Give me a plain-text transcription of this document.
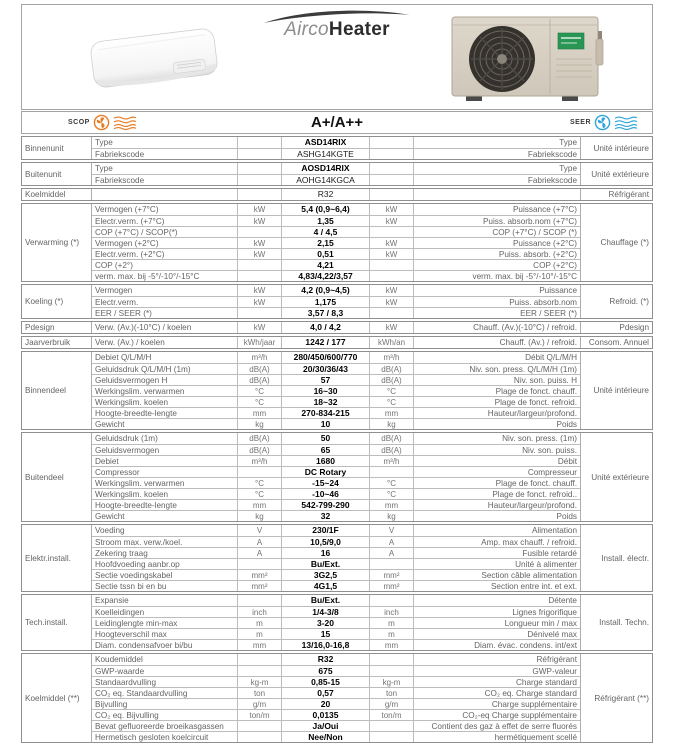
AircoHeater
SCOP	A+/A++	SEER
Binnenunit
Type	ASD14RIX	Type
Fabriekscode	ASHG14KGTE	Fabriekscode
Unité intérieure
Buitenunit
Type	AOSD14RIX	Type
Fabriekscode	AOHG14KGCA	Fabriekscode
Unité extérieure
Koelmiddel	R32	Réfrigérant
Verwarming (*)
Vermogen (+7°C)	kW	5,4 (0,9~6,4)	kW	Puissance (+7°C)
Electr.verm. (+7°C)	kW	1,35	kW	Puiss. absorb.nom (+7°C)
COP (+7°C) / SCOP(*)	4 / 4,5	COP (+7°C) / SCOP (*)
Vermogen (+2°C)	kW	2,15	kW	Puissance (+2°C)
Electr.verm. (+2°C)	kW	0,51	kW	Puiss. absorb. (+2°C)
COP (+2°)	4,21	COP (+2°C)
verm. max. bij -5°/-10°/-15°C	4,83/4,22/3,57	verm. max. bij -5°/-10°/-15°C
Chauffage (*)
Koeling (*)
Vermogen	kW	4,2 (0,9~4,5)	kW	Puissance
Electr.verm.	kW	1,175	kW	Puiss. absorb.nom
EER / SEER (*)	3,57 / 8,3	EER / SEER (*)
Refroid. (*)
Pdesign	Verw. (Av.)(-10°C) / koelen	kW	4,0 / 4,2	kW	Chauff. (Av.)(-10°C) / refroid.	Pdesign
Jaarverbruik	Verw. (Av.) / koelen	kWh/jaar	1242 / 177	kWh/an	Chauff. (Av.) / refroid.	Consom. Annuel
Binnendeel
Debiet Q/L/M/H	m³/h	280/450/600/770	m³/h	Débit Q/L/M/H
Geluidsdruk Q/L/M/H (1m)	dB(A)	20/30/36/43	dB(A)	Niv. son. press. Q/L/M/H (1m)
Geluidsvermogen H	dB(A)	57	dB(A)	Niv. son. puiss. H
Werkingslim. verwarmen	°C	16~30	°C	Plage de fonct. chauff.
Werkingslim. koelen	°C	18~32	°C	Plage de fonct. refroid.
Hoogte-breedte-lengte	mm	270-834-215	mm	Hauteur/largeur/profond.
Gewicht	kg	10	kg	Poids
Unité intérieure
Buitendeel
Geluidsdruk (1m)	dB(A)	50	dB(A)	Niv. son. press. (1m)
Geluidsvermogen	dB(A)	65	dB(A)	Niv. son. puiss.
Debiet	m³/h	1680	m³/h	Débit
Compressor	DC Rotary	Compresseur
Werkingslim. verwarmen	°C	-15~24	°C	Plage de fonct. chauff.
Werkingslim. koelen	°C	-10~46	°C	Plage de fonct. refroid..
Hoogte-breedte-lengte	mm	542-799-290	mm	Hauteur/largeur/profond.
Gewicht	kg	32	kg	Poids
Unité extérieure
Elektr.install.
Voeding	V	230/1F	V	Alimentation
Stroom max. verw./koel.	A	10,5/9,0	A	Amp. max chauff. / refroid.
Zekering traag	A	16	A	Fusible retardé
Hoofdvoeding aanbr.op	Bu/Ext.	Unité à alimenter
Sectie voedingskabel	mm²	3G2,5	mm²	Section câble alimentation
Sectie tssn bi en bu	mm²	4G1,5	mm²	Section entre int. et ext.
Install. électr.
Tech.install.
Expansie	Bu/Ext.	Détente
Koelleidingen	inch	1/4-3/8	inch	Lignes frigorifique
Leidinglengte min-max	m	3-20	m	Longueur min / max
Hoogteverschil max	m	15	m	Dénivelé max
Diam. condensafvoer bi/bu	mm	13/16,0-16,8	mm	Diam. évac. condens. int/ext
Install. Techn.
Koelmiddel (**)
Koudemiddel	R32	Réfrigérant
GWP-waarde	675	GWP-valeur
Standaardvulling	kg-m	0,85-15	kg-m	Charge standard
CO₂ eq. Standaardvulling	ton	0,57	ton	CO₂ eq. Charge standard
Bijvulling	g/m	20	g/m	Charge supplémentaire
CO₂ eq. Bijvulling	ton/m	0,0135	ton/m	CO₂-eq Charge supplémentaire
Bevat gefluoreerde broeikasgassen	Ja/Oui	Contient des gaz à effet de serre fluorés
Hermetisch gesloten koelcircuit	Nee/Non	hermétiquement scellé
Réfrigérant (**)
